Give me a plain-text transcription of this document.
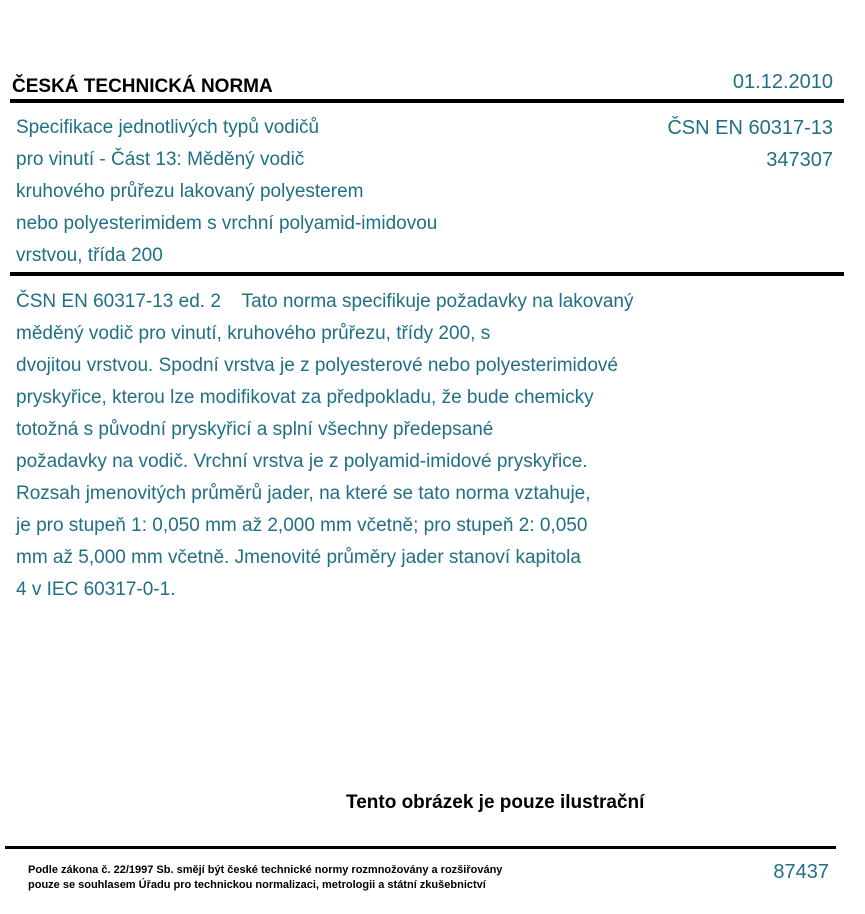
ČESKÁ TECHNICKÁ NORMA	01.12.2010
Specifikace jednotlivých typů vodičů
pro vinutí - Část 13: Měděný vodič
kruhového průřezu lakovaný polyesterem
nebo polyesterimidem s vrchní polyamid-imidovou
vrstvou, třída 200
ČSN EN 60317-13
347307
ČSN EN 60317-13 ed. 2    Tato norma specifikuje požadavky na lakovaný
měděný vodič pro vinutí, kruhového průřezu, třídy 200, s
dvojitou vrstvou. Spodní vrstva je z polyesterové nebo polyesterimidové
pryskyřice, kterou lze modifikovat za předpokladu, že bude chemicky
totožná s původní pryskyřicí a splní všechny předepsané
požadavky na vodič. Vrchní vrstva je z polyamid-imidové pryskyřice.
Rozsah jmenovitých průměrů jader, na které se tato norma vztahuje,
je pro stupeň 1: 0,050 mm až 2,000 mm včetně; pro stupeň 2: 0,050
mm až 5,000 mm včetně. Jmenovité průměry jader stanoví kapitola
4 v IEC 60317-0-1.
Tento obrázek je pouze ilustrační
Podle zákona č. 22/1997 Sb. smějí být české technické normy rozmnožovány a rozšiřovány
pouze se souhlasem Úřadu pro technickou normalizaci, metrologii a státní zkušebnictví
87437
